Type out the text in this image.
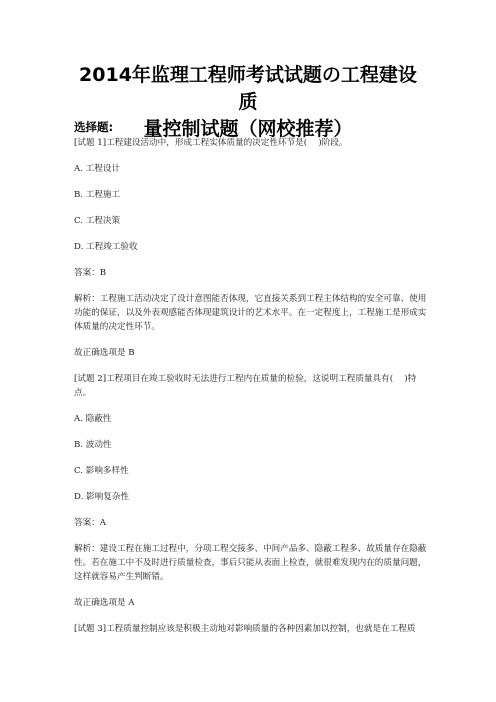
2014年监理工程师考试试题の工程建设质
量控制试题（网校推荐）
选择题:

[试题 1]工程建设活动中，形成工程实体质量的决定性环节是(　 )阶段。

A. 工程设计

B. 工程施工

C. 工程决策

D. 工程竣工验收

答案：B

解析：工程施工活动决定了设计意图能否体现，它直接关系到工程主体结构的安全可靠、使用功能的保证，以及外表观感能否体现建筑设计的艺术水平。在一定程度上，工程施工是形成实体质量的决定性环节。

故正确选项是 B

[试题 2]工程项目在竣工验收时无法进行工程内在质量的检验，这说明工程质量具有(　 )特点。

A. 隐蔽性

B. 波动性

C. 影响多样性

D. 影响复杂性

答案：A

解析：建设工程在施工过程中，分项工程交接多、中间产品多、隐蔽工程多、故质量存在隐蔽性。若在施工中不及时进行质量检查，事后只能从表面上检查，就很难发现内在的质量问题，这样就容易产生判断错。

故正确选项是 A

[试题 3]工程质量控制应该是积极主动地对影响质量的各种因素加以控制，也就是在工程质
